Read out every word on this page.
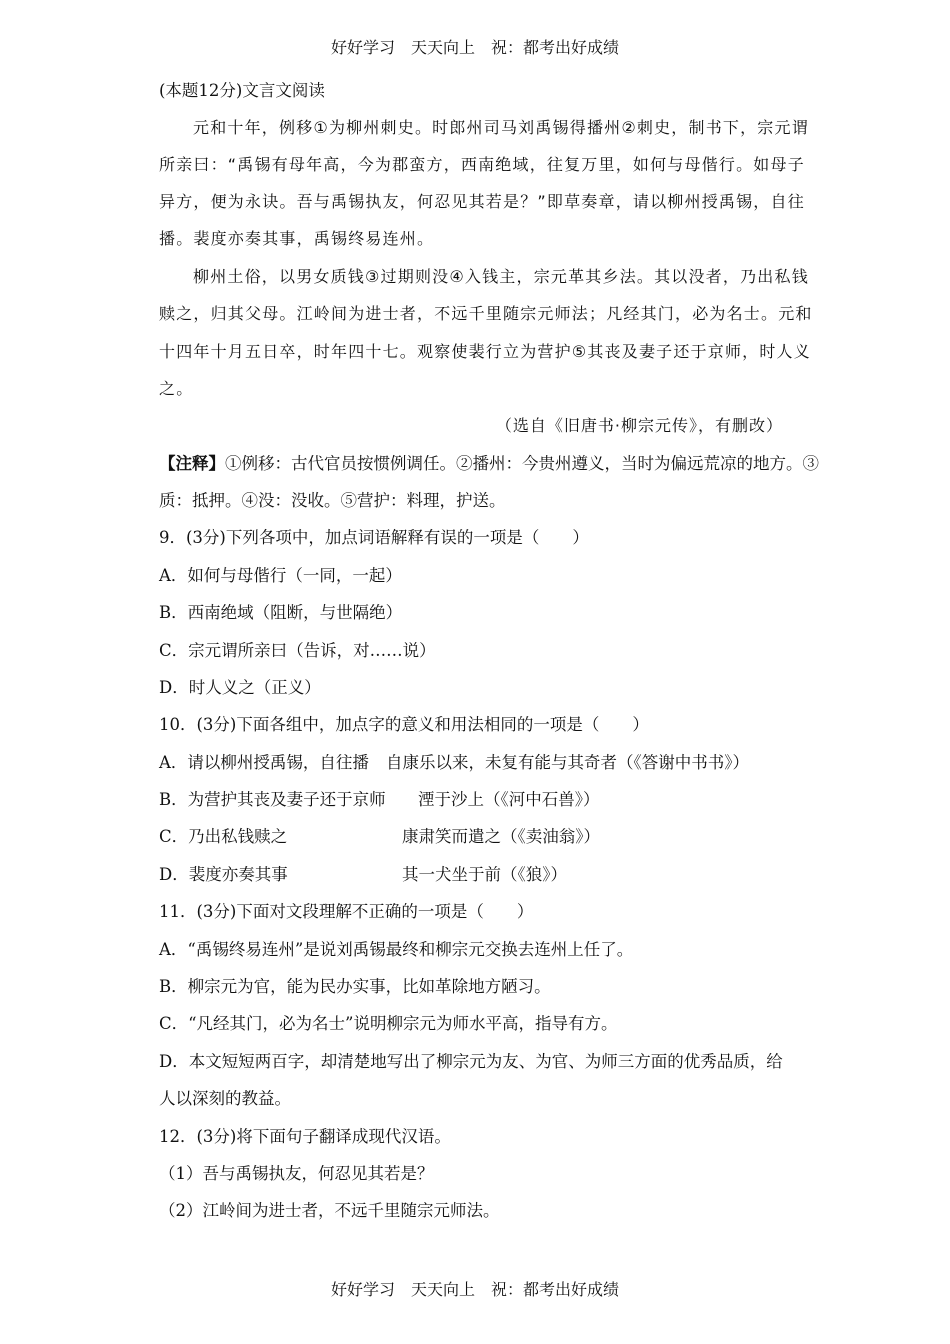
好好学习　天天向上　祝：都考出好成绩
(本题12分)文言文阅读
元和十年，例移①为柳州刺史。时郎州司马刘禹锡得播州②刺史，制书下，宗元谓
所亲曰：“禹锡有母年高，今为郡蛮方，西南绝域，往复万里，如何与母偕行。如母子
异方，便为永诀。吾与禹锡执友，何忍见其若是？”即草奏章，请以柳州授禹锡，自往
播。裴度亦奏其事，禹锡终易连州。
柳州土俗，以男女质钱③过期则没④入钱主，宗元革其乡法。其以没者，乃出私钱
赎之，归其父母。江岭间为进士者，不远千里随宗元师法；凡经其门，必为名士。元和
十四年十月五日卒，时年四十七。观察使裴行立为营护⑤其丧及妻子还于京师，时人义
之。
（选自《旧唐书·柳宗元传》，有删改）
【注释】①例移：古代官员按惯例调任。②播州：今贵州遵义，当时为偏远荒凉的地方。③
质：抵押。④没：没收。⑤营护：料理，护送。
9．(3分)下列各项中，加点词语解释有误的一项是（　　）
A．如何与母偕行（一同，一起）
B．西南绝域（阻断，与世隔绝）
C．宗元谓所亲曰（告诉，对……说）
D．时人义之（正义）
10．(3分)下面各组中，加点字的意义和用法相同的一项是（　　）
A．请以柳州授禹锡，自往播 自康乐以来，未复有能与其奇者（《答谢中书书》）
B．为营护其丧及妻子还于京师 湮于沙上（《河中石兽》）
C．乃出私钱赎之	康肃笑而遣之（《卖油翁》）
D．裴度亦奏其事	其一犬坐于前（《狼》）
11．(3分)下面对文段理解不正确的一项是（　　）
A．“禹锡终易连州”是说刘禹锡最终和柳宗元交换去连州上任了。
B．柳宗元为官，能为民办实事，比如革除地方陋习。
C．“凡经其门，必为名士”说明柳宗元为师水平高，指导有方。
D．本文短短两百字，却清楚地写出了柳宗元为友、为官、为师三方面的优秀品质，给
人以深刻的教益。
12．(3分)将下面句子翻译成现代汉语。
（1）吾与禹锡执友，何忍见其若是？
（2）江岭间为进士者，不远千里随宗元师法。
好好学习　天天向上　祝：都考出好成绩
